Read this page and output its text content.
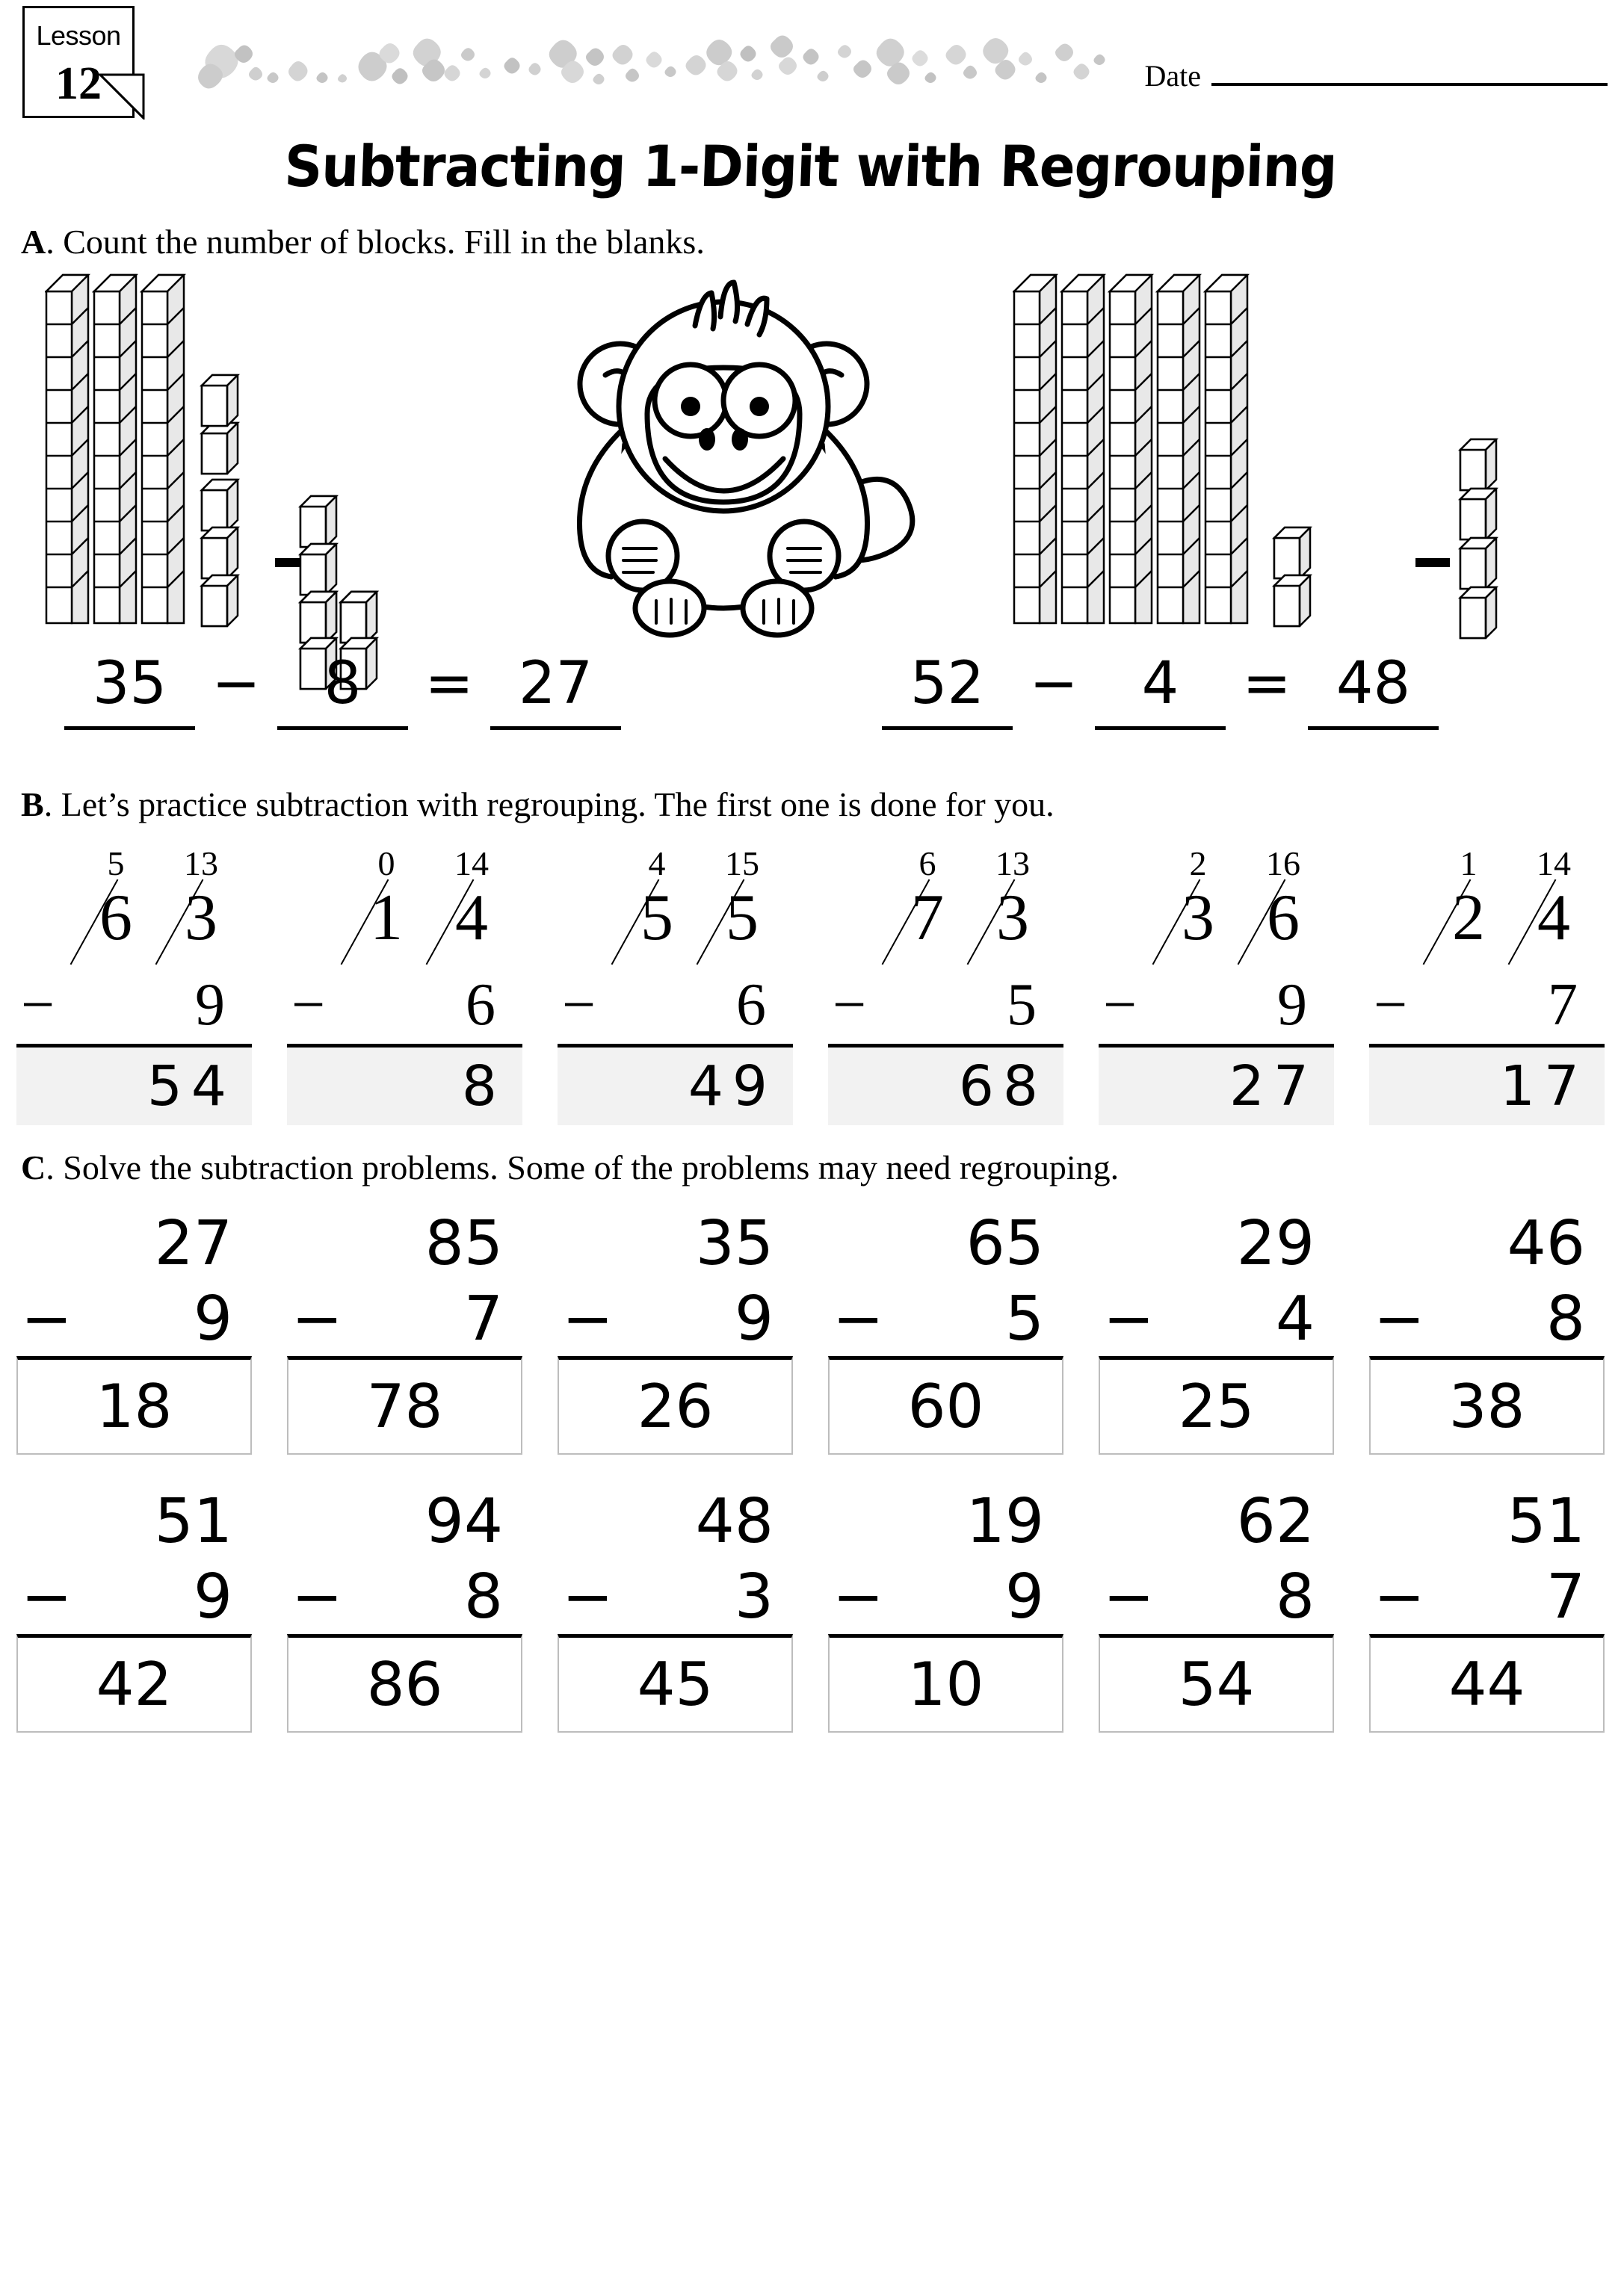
Lesson
12	Date
Subtracting 1-Digit with Regrouping
A. Count the number of blocks. Fill in the blanks.
35 −	8	= 27	52 −	4	= 48
B. Let’s practice subtraction with regrouping. The first one is done for you.
5	13
6 3
−	9
5 4
0	14
1 4
−	6
8
4	15
5 5
−	6
4 9
6	13
7 3
−	5
6 8
2	16
3 6
−	9
2 7
1	14
2 4
−	7
1 7
C. Solve the subtraction problems. Some of the problems may need regrouping.
27
−	9
18
85
−	7
78
35
−	9
26
65
−	5
60
29
−	4
25
46
−	8
38
51
−	9
42
94
−	8
86
48
−	3
45
19
−	9
10
62
−	8
54
51
−	7
44
